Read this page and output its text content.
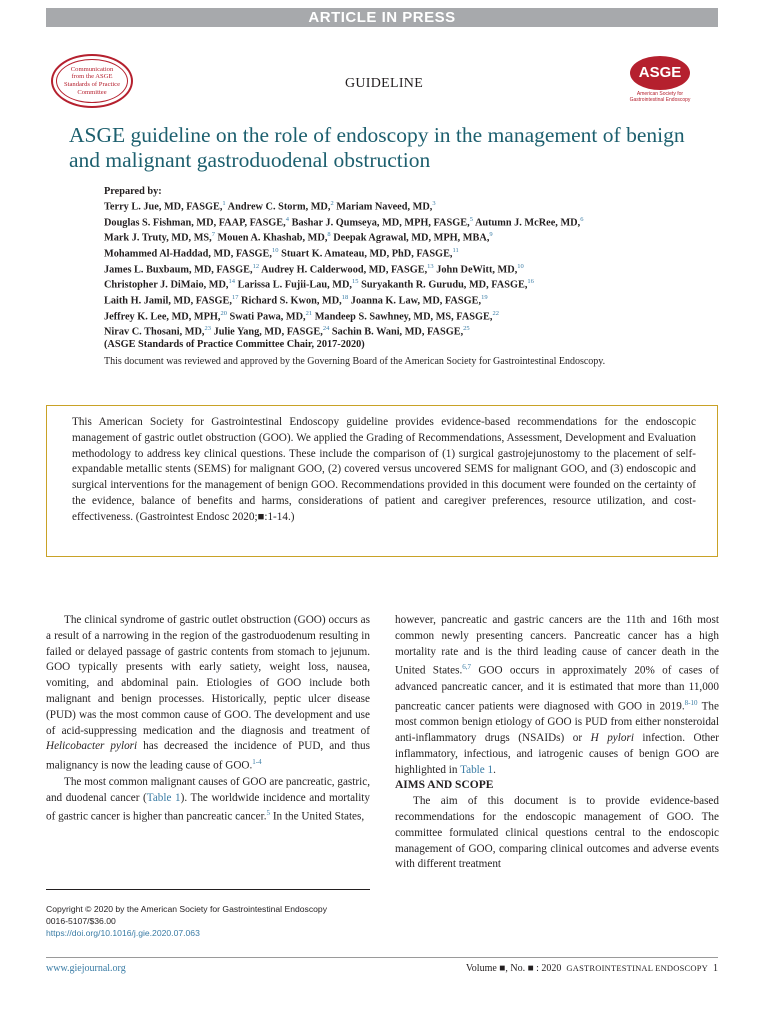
ARTICLE IN PRESS
Communication
from the ASGE
Standards of Practice
Committee
GUIDELINE
ASGE
American Society for
Gastrointestinal Endoscopy
ASGE guideline on the role of endoscopy in the management of benign and malignant gastroduodenal obstruction
Prepared by:
Terry L. Jue, MD, FASGE,$^1$ Andrew C. Storm, MD,$^2$ Mariam Naveed, MD,$^3$
Douglas S. Fishman, MD, FAAP, FASGE,$^4$ Bashar J. Qumseya, MD, MPH, FASGE,$^5$ Autumn J. McRee, MD,$^6$
Mark J. Truty, MD, MS,$^7$ Mouen A. Khashab, MD,$^8$ Deepak Agrawal, MD, MPH, MBA,$^9$
Mohammed Al-Haddad, MD, FASGE,$^{10}$ Stuart K. Amateau, MD, PhD, FASGE,$^{11}$
James L. Buxbaum, MD, FASGE,$^{12}$ Audrey H. Calderwood, MD, FASGE,$^{13}$ John DeWitt, MD,$^{10}$
Christopher J. DiMaio, MD,$^{14}$ Larissa L. Fujii-Lau, MD,$^{15}$ Suryakanth R. Gurudu, MD, FASGE,$^{16}$
Laith H. Jamil, MD, FASGE,$^{17}$ Richard S. Kwon, MD,$^{18}$ Joanna K. Law, MD, FASGE,$^{19}$
Jeffrey K. Lee, MD, MPH,$^{20}$ Swati Pawa, MD,$^{21}$ Mandeep S. Sawhney, MD, MS, FASGE,$^{22}$
Nirav C. Thosani, MD,$^{23}$ Julie Yang, MD, FASGE,$^{24}$ Sachin B. Wani, MD, FASGE,$^{25}$
(ASGE Standards of Practice Committee Chair, 2017-2020)
This document was reviewed and approved by the Governing Board of the American Society for Gastrointestinal Endoscopy.
This American Society for Gastrointestinal Endoscopy guideline provides evidence-based recommendations for the endoscopic management of gastric outlet obstruction (GOO). We applied the Grading of Recommendations, Assessment, Development and Evaluation methodology to address key clinical questions. These include the comparison of (1) surgical gastrojejunostomy to the placement of self-expandable metallic stents (SEMS) for malignant GOO, (2) covered versus uncovered SEMS for malignant GOO, and (3) endoscopic and surgical interventions for the management of benign GOO. Recommendations provided in this document were founded on the certainty of the evidence, balance of benefits and harms, considerations of patient and caregiver preferences, resource utilization, and cost-effectiveness. (Gastrointest Endosc 2020;■:1-14.)

The clinical syndrome of gastric outlet obstruction (GOO) occurs as a result of a narrowing in the region of the gastroduodenum resulting in failed or delayed passage of gastric contents from stomach to jejunum. GOO typically presents with early satiety, weight loss, nausea, vomiting, and abdominal pain. Etiologies of GOO include both malignant and benign processes. Historically, peptic ulcer disease (PUD) was the most common cause of GOO. The development and use of acid-suppressing medication and the diagnosis and treatment of Helicobacter pylori has decreased the incidence of PUD, and thus malignancy is now the leading cause of GOO.$^{1-4}$

The most common malignant causes of GOO are pancreatic, gastric, and duodenal cancer (Table 1). The worldwide incidence and mortality of gastric cancer is higher than pancreatic cancer.$^5$ In the United States,

however, pancreatic and gastric cancers are the 11th and 16th most common newly presenting cancers. Pancreatic cancer has a high mortality rate and is the third leading cause of cancer death in the United States.$^{6,7}$ GOO occurs in approximately 20% of cases of advanced pancreatic cancer, and it is estimated that more than 11,000 pancreatic cancer patients were diagnosed with GOO in 2019.$^{8-10}$ The most common benign etiology of GOO is PUD from either nonsteroidal anti-inflammatory drugs (NSAIDs) or H pylori infection. Other inflammatory, infectious, and iatrogenic causes of benign GOO are highlighted in Table 1.

AIMS AND SCOPE

The aim of this document is to provide evidence-based recommendations for the endoscopic management of GOO. The committee formulated clinical questions central to the endoscopic management of GOO, comparing clinical outcomes and adverse events with different treatment

Copyright © 2020 by the American Society for Gastrointestinal Endoscopy
0016-5107/$36.00
https://doi.org/10.1016/j.gie.2020.07.063
www.giejournal.org	Volume ■, No. ■ : 2020 GASTROINTESTINAL ENDOSCOPY 1
